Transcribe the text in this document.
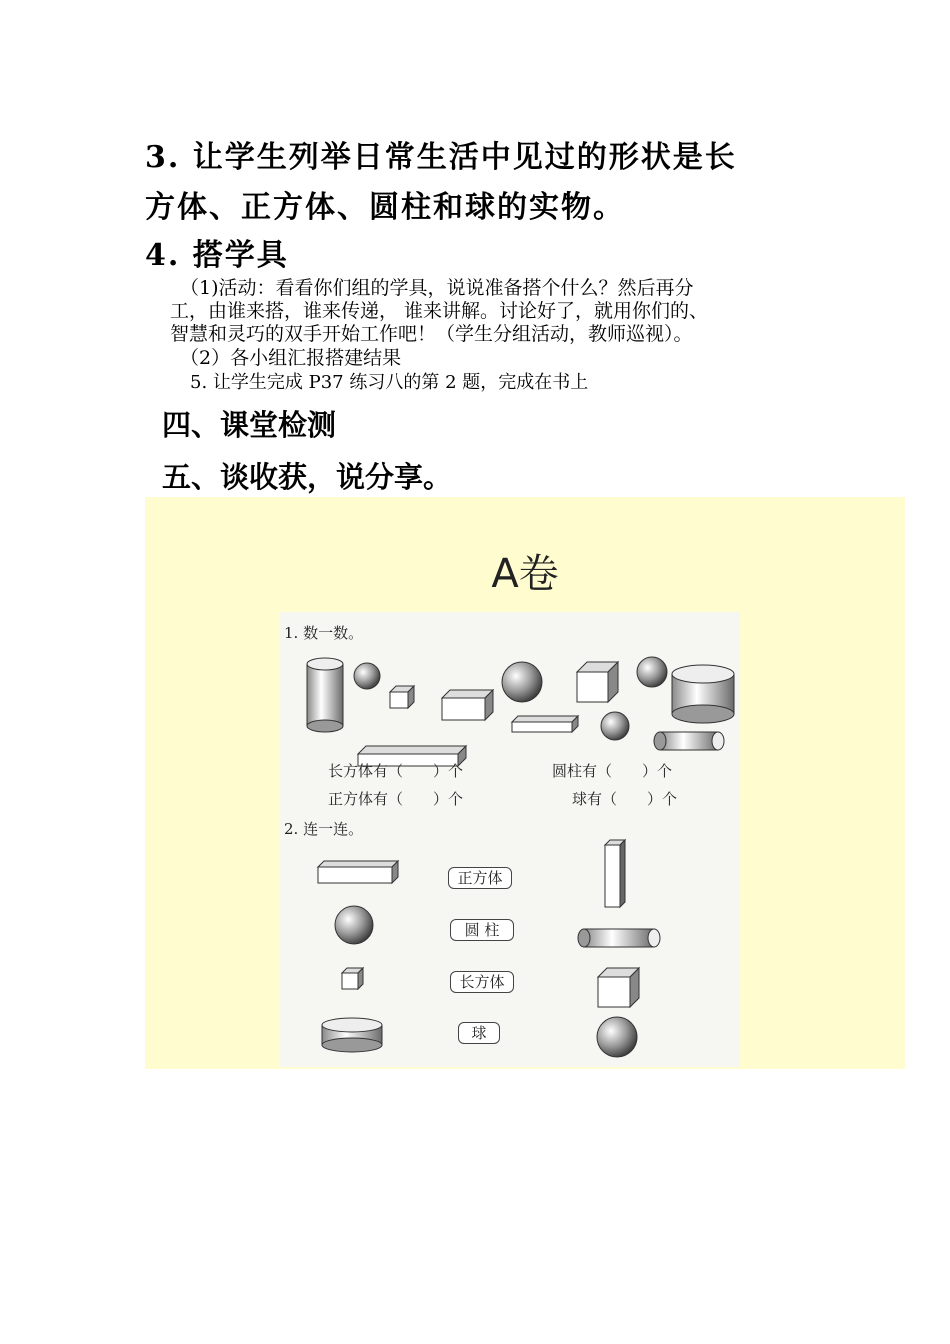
3. 让学生列举日常生活中见过的形状是长
方体、正方体、圆柱和球的实物。
4. 搭学具
（1)活动：看看你们组的学具，说说准备搭个什么？然后再分
工，由谁来搭，谁来传递， 谁来讲解。讨论好了，就用你们的、
智慧和灵巧的双手开始工作吧！（学生分组活动，教师巡视）。
（2）各小组汇报搭建结果
5. 让学生完成 P37 练习八的第 2 题，完成在书上
四、课堂检测
五、谈收获，说分享。
A卷
1. 数一数。
长方体有（　　）个
正方体有（　　）个
圆柱有（　　）个
球有（　　）个
2. 连一连。
正方体
圆 柱
长方体
球
